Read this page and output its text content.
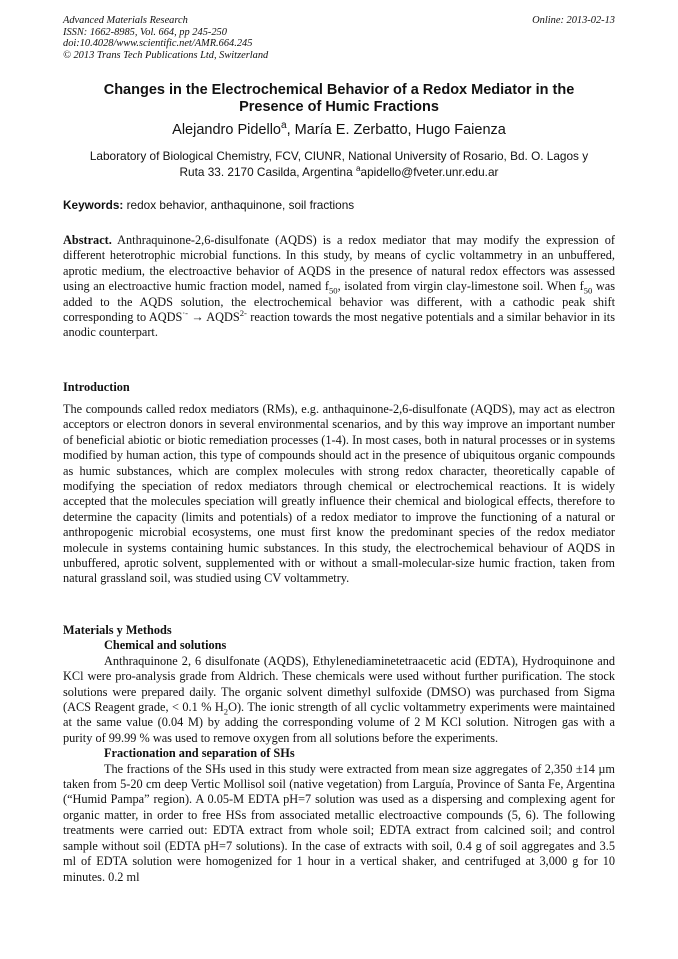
Advanced Materials Research
ISSN: 1662-8985, Vol. 664, pp 245-250
doi:10.4028/www.scientific.net/AMR.664.245
© 2013 Trans Tech Publications Ltd, Switzerland
Online: 2013-02-13
Changes in the Electrochemical Behavior of a Redox Mediator in the
Presence of Humic Fractions
Alejandro Pidello$^a$, María E. Zerbatto, Hugo Faienza
Laboratory of Biological Chemistry, FCV, CIUNR, National University of Rosario, Bd. O. Lagos y
Ruta 33. 2170 Casilda, Argentina $^a$apidello@fveter.unr.edu.ar
Keywords: redox behavior, anthaquinone, soil fractions

Abstract. Anthraquinone-2,6-disulfonate (AQDS) is a redox mediator that may modify the expression of different heterotrophic microbial functions. In this study, by means of cyclic voltammetry in an unbuffered, aprotic medium, the electroactive behavior of AQDS in the presence of natural redox effectors was assessed using an electroactive humic fraction model, named $f_{50}$, isolated from virgin clay-limestone soil. When $f_{50}$ was added to the AQDS solution, the electrochemical behavior was different, with a cathodic peak shift corresponding to AQDS·- → $AQDS^{2-}$ reaction towards the most negative potentials and a similar behavior in its anodic counterpart.

Introduction

The compounds called redox mediators (RMs), e.g. anthaquinone-2,6-disulfonate (AQDS), may act as electron acceptors or electron donors in several environmental scenarios, and by this way improve an important number of beneficial abiotic or biotic remediation processes (1-4). In most cases, both in natural processes or in systems modified by human action, this type of compounds should act in the presence of ubiquitous organic compounds as humic substances, which are complex molecules with strong redox character, theoretically capable of modifying the speciation of redox mediators through chemical or electrochemical reactions. It is widely accepted that the molecules speciation will greatly influence their chemical and biological effects, therefore to determine the capacity (limits and potentials) of a redox mediator to improve the functioning of a natural or anthropogenic microbial ecosystems, one must first know the predominant species of the redox mediator molecule in systems containing humic substances. In this study, the electrochemical behaviour of AQDS in unbuffered, aprotic solvent, supplemented with or without a small-molecular-size humic fraction, taken from natural grassland soil, was studied using CV voltammetry.

Materials y Methods
Chemical and solutions

Anthraquinone 2, 6 disulfonate (AQDS), Ethylenediaminetetraacetic acid (EDTA), Hydroquinone and KCl were pro-analysis grade from Aldrich. These chemicals were used without further purification. The stock solutions were prepared daily. The organic solvent dimethyl sulfoxide (DMSO) was purchased from Sigma (ACS Reagent grade, < 0.1 % $H_2O$). The ionic strength of all cyclic voltammetry experiments were maintained at the same value (0.04 M) by adding the corresponding volume of 2 M KCl solution. Nitrogen gas with a purity of 99.99 % was used to remove oxygen from all solutions before the experiments.

Fractionation and separation of SHs

The fractions of the SHs used in this study were extracted from mean size aggregates of 2,350 ±14 µm taken from 5-20 cm deep Vertic Mollisol soil (native vegetation) from Larguía, Province of Santa Fe, Argentina (“Humid Pampa” region). A 0.05-M EDTA pH=7 solution was used as a dispersing and complexing agent for organic matter, in order to free HSs from associated metallic electroactive compounds (5, 6). The following treatments were carried out: EDTA extract from whole soil; EDTA extract from calcined soil; and control sample without soil (EDTA pH=7 solutions). In the case of extracts with soil, 0.4 g of soil aggregates and 3.5 ml of EDTA solution were homogenized for 1 hour in a vertical shaker, and centrifuged at 3,000 g for 10 minutes. 0.2 ml
